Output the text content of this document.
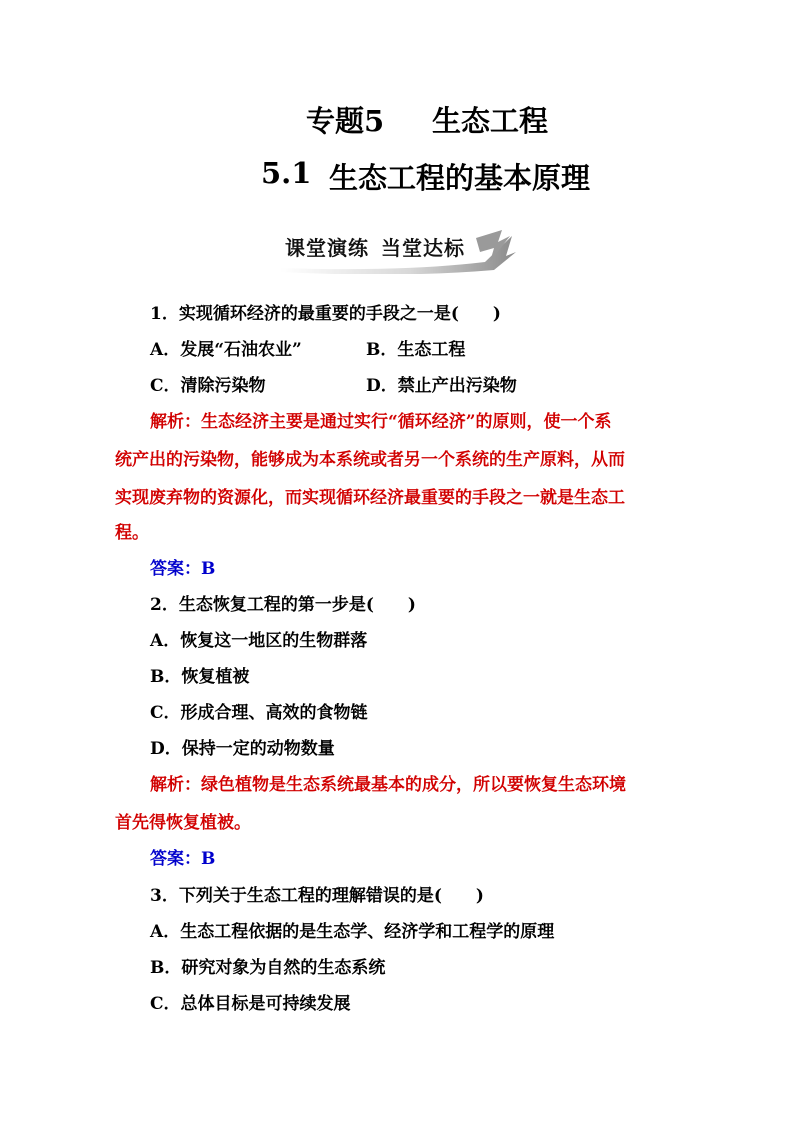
专题5 生态工程
5.1 生态工程的基本原理
课堂演练 当堂达标
1．实现循环经济的最重要的手段之一是(　　)
A．发展“石油农业”	B．生态工程
C．清除污染物	D．禁止产出污染物
解析：生态经济主要是通过实行“循环经济”的原则，使一个系
统产出的污染物，能够成为本系统或者另一个系统的生产原料，从而
实现废弃物的资源化，而实现循环经济最重要的手段之一就是生态工
程。
答案：B
2．生态恢复工程的第一步是(　　)
A．恢复这一地区的生物群落
B．恢复植被
C．形成合理、高效的食物链
D．保持一定的动物数量
解析：绿色植物是生态系统最基本的成分，所以要恢复生态环境
首先得恢复植被。
答案：B
3．下列关于生态工程的理解错误的是(　　)
A．生态工程依据的是生态学、经济学和工程学的原理
B．研究对象为自然的生态系统
C．总体目标是可持续发展
